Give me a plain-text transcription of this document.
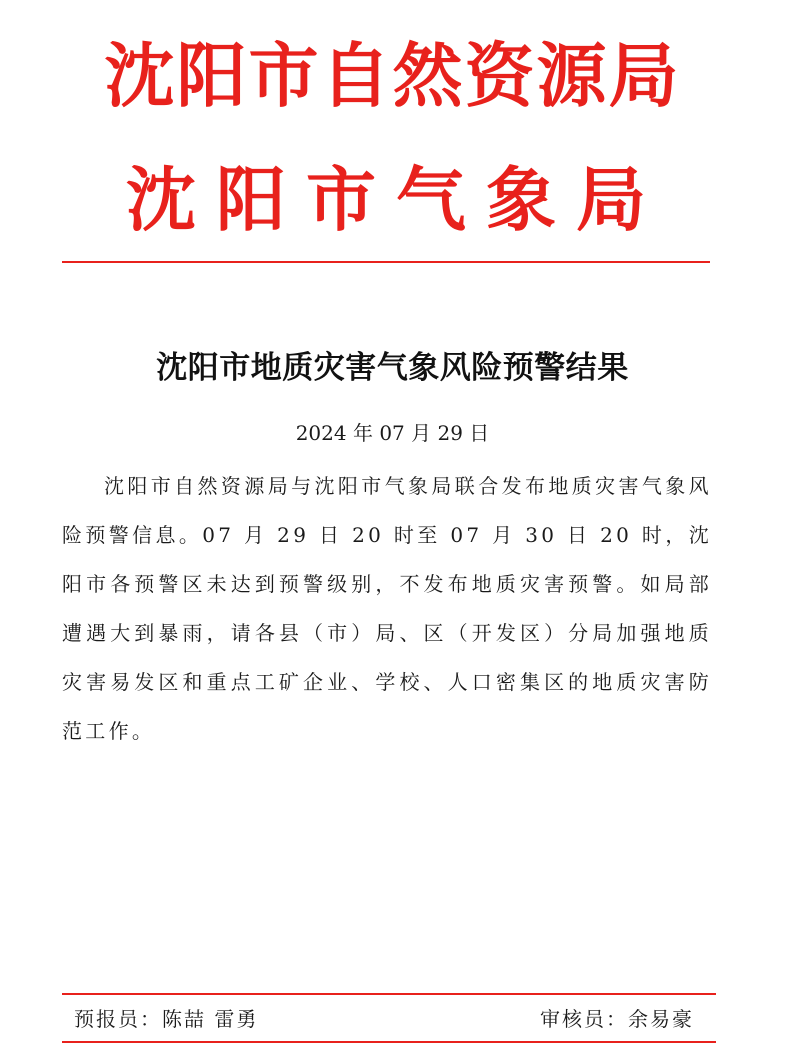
沈阳市自然资源局
沈 阳 市 气 象 局
沈阳市地质灾害气象风险预警结果
2024 年 07 月 29 日

沈阳市自然资源局与沈阳市气象局联合发布地质灾害气象风险预警信息。07 月 29 日 20 时至 07 月 30 日 20 时，沈阳市各预警区未达到预警级别，不发布地质灾害预警。如局部遭遇大到暴雨，请各县（市）局、区（开发区）分局加强地质灾害易发区和重点工矿企业、学校、人口密集区的地质灾害防范工作。

预报员：陈喆 雷勇	审核员：余易豪
